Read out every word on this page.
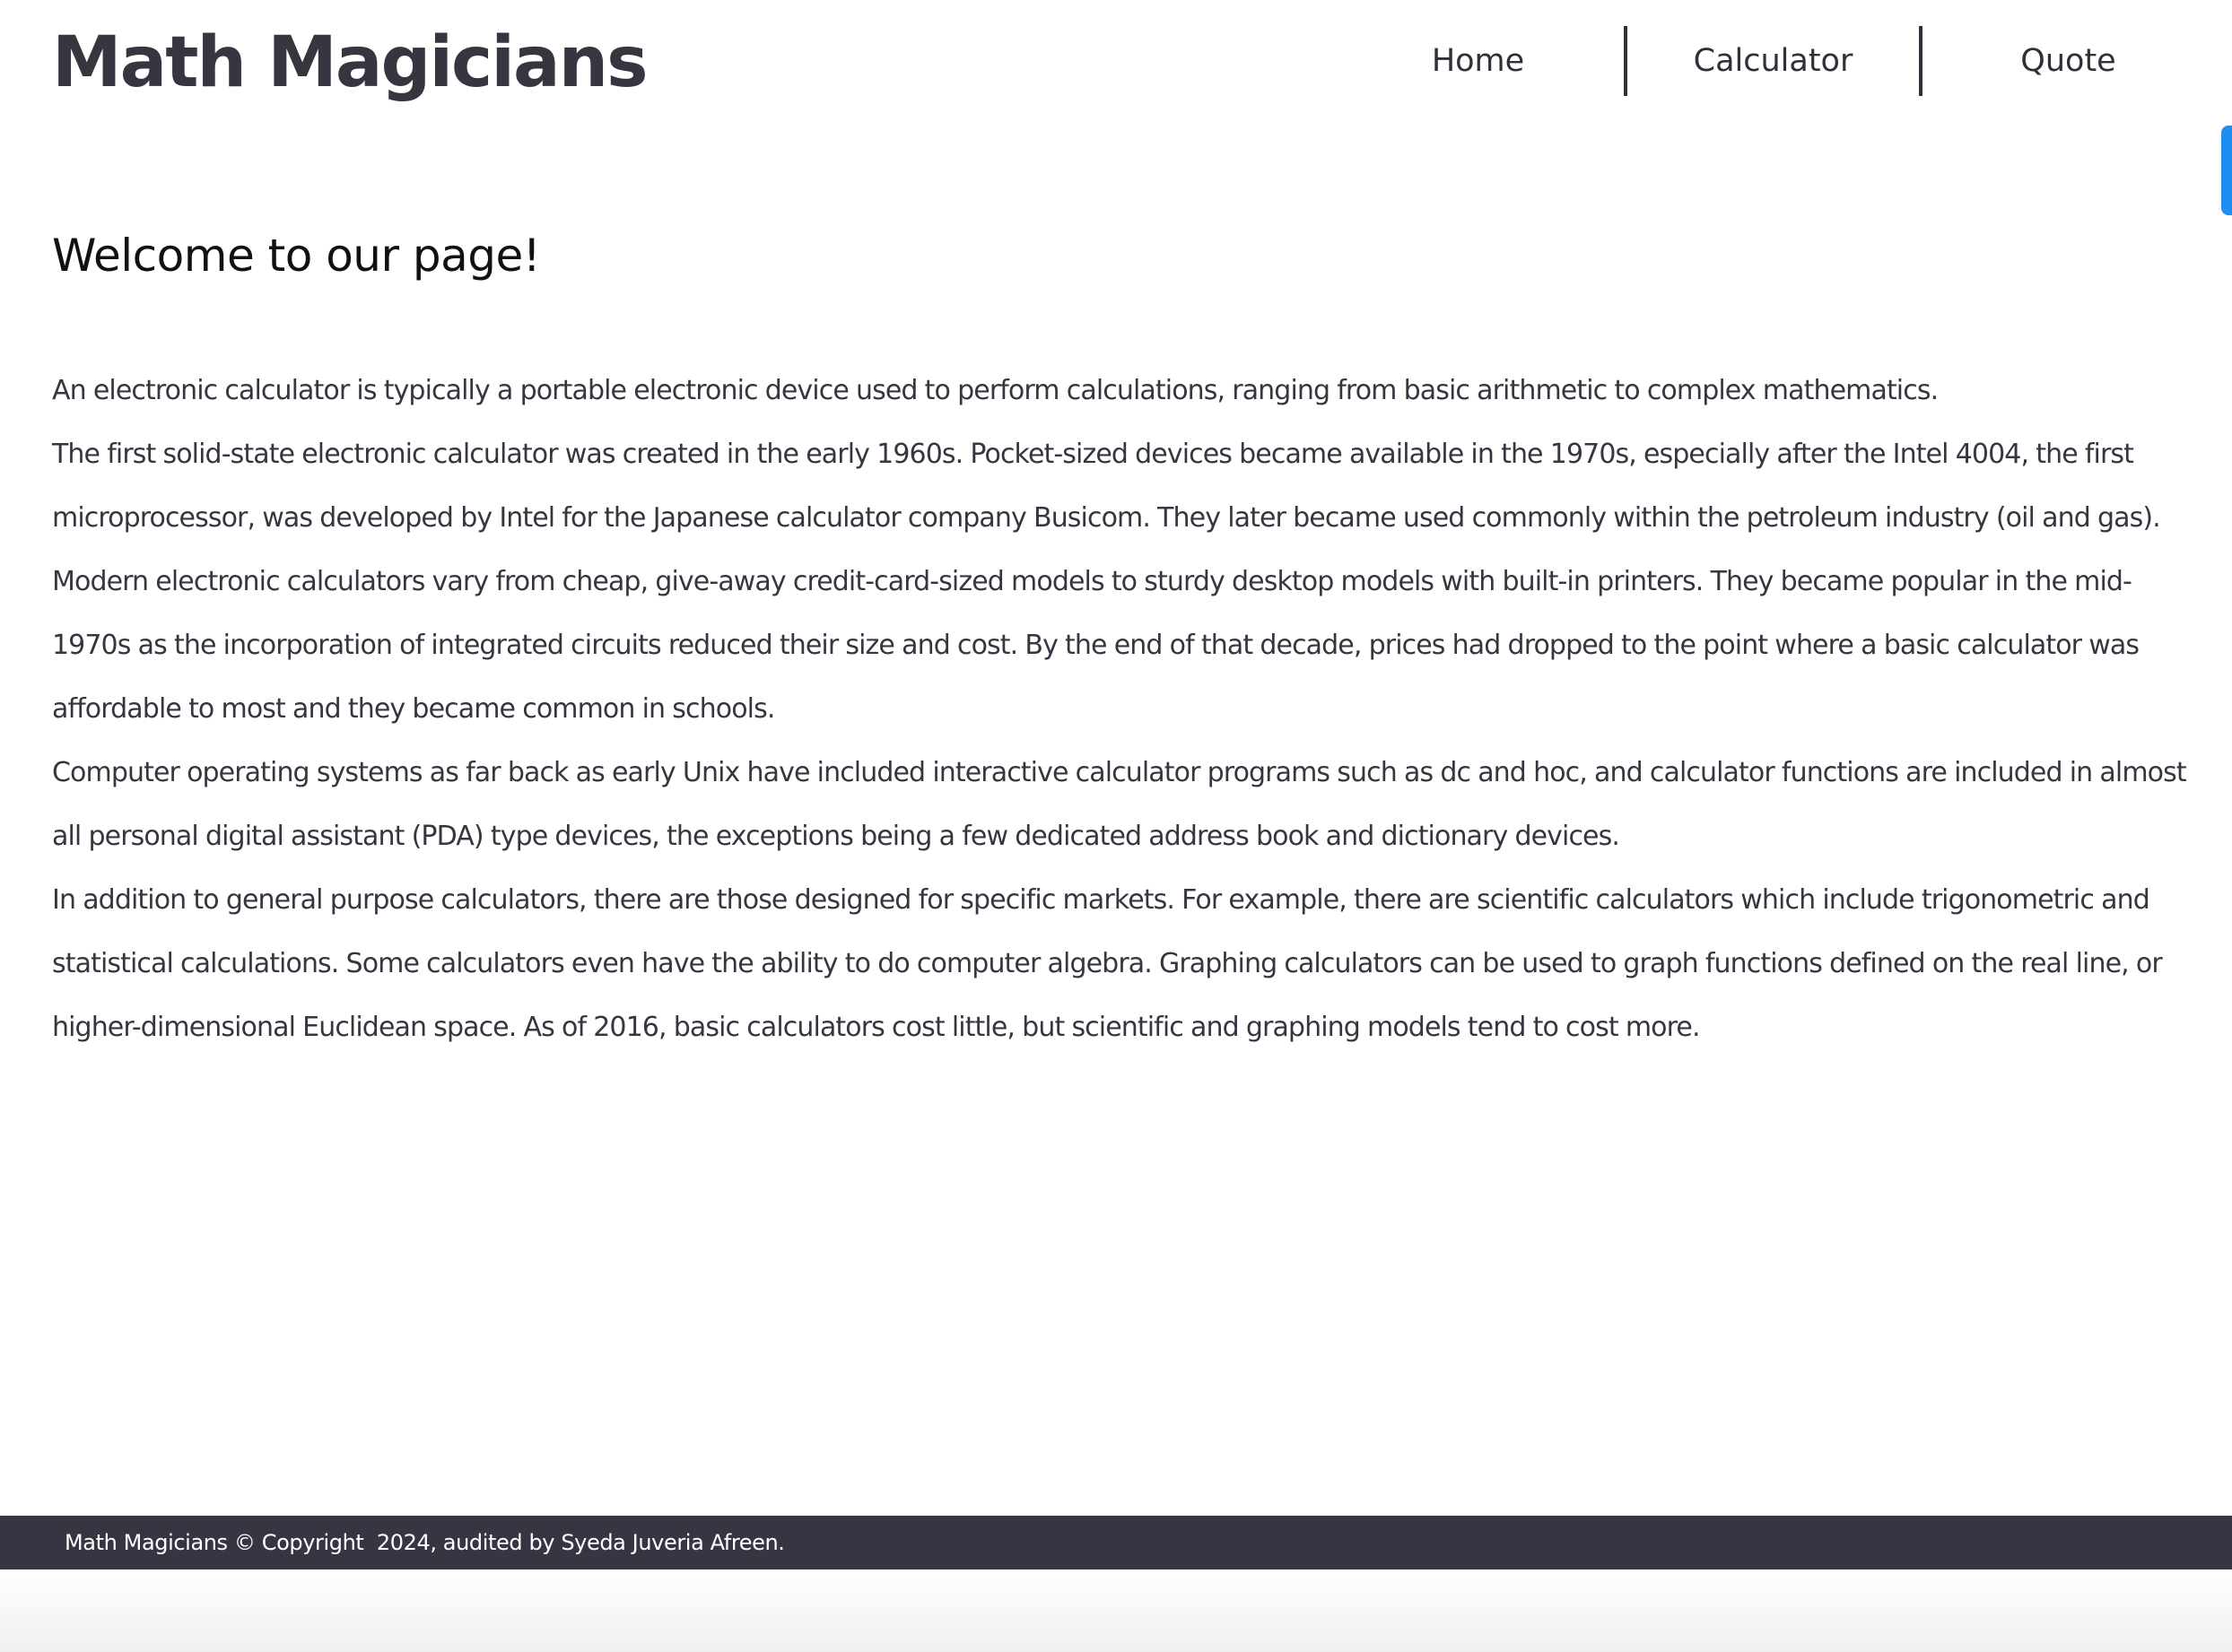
Math Magicians	Home	Calculator	Quote
Welcome to our page!

An electronic calculator is typically a portable electronic device used to perform calculations, ranging from basic arithmetic to complex mathematics.

The first solid-state electronic calculator was created in the early 1960s. Pocket-sized devices became available in the 1970s, especially after the Intel 4004, the first microprocessor, was developed by Intel for the Japanese calculator company Busicom. They later became used commonly within the petroleum industry (oil and gas).

Modern electronic calculators vary from cheap, give-away credit-card-sized models to sturdy desktop models with built-in printers. They became popular in the mid-1970s as the incorporation of integrated circuits reduced their size and cost. By the end of that decade, prices had dropped to the point where a basic calculator was affordable to most and they became common in schools.

Computer operating systems as far back as early Unix have included interactive calculator programs such as dc and hoc, and calculator functions are included in almost all personal digital assistant (PDA) type devices, the exceptions being a few dedicated address book and dictionary devices.

In addition to general purpose calculators, there are those designed for specific markets. For example, there are scientific calculators which include trigonometric and statistical calculations. Some calculators even have the ability to do computer algebra. Graphing calculators can be used to graph functions defined on the real line, or higher-dimensional Euclidean space. As of 2016, basic calculators cost little, but scientific and graphing models tend to cost more.

Math Magicians © Copyright  2024, audited by Syeda Juveria Afreen.
